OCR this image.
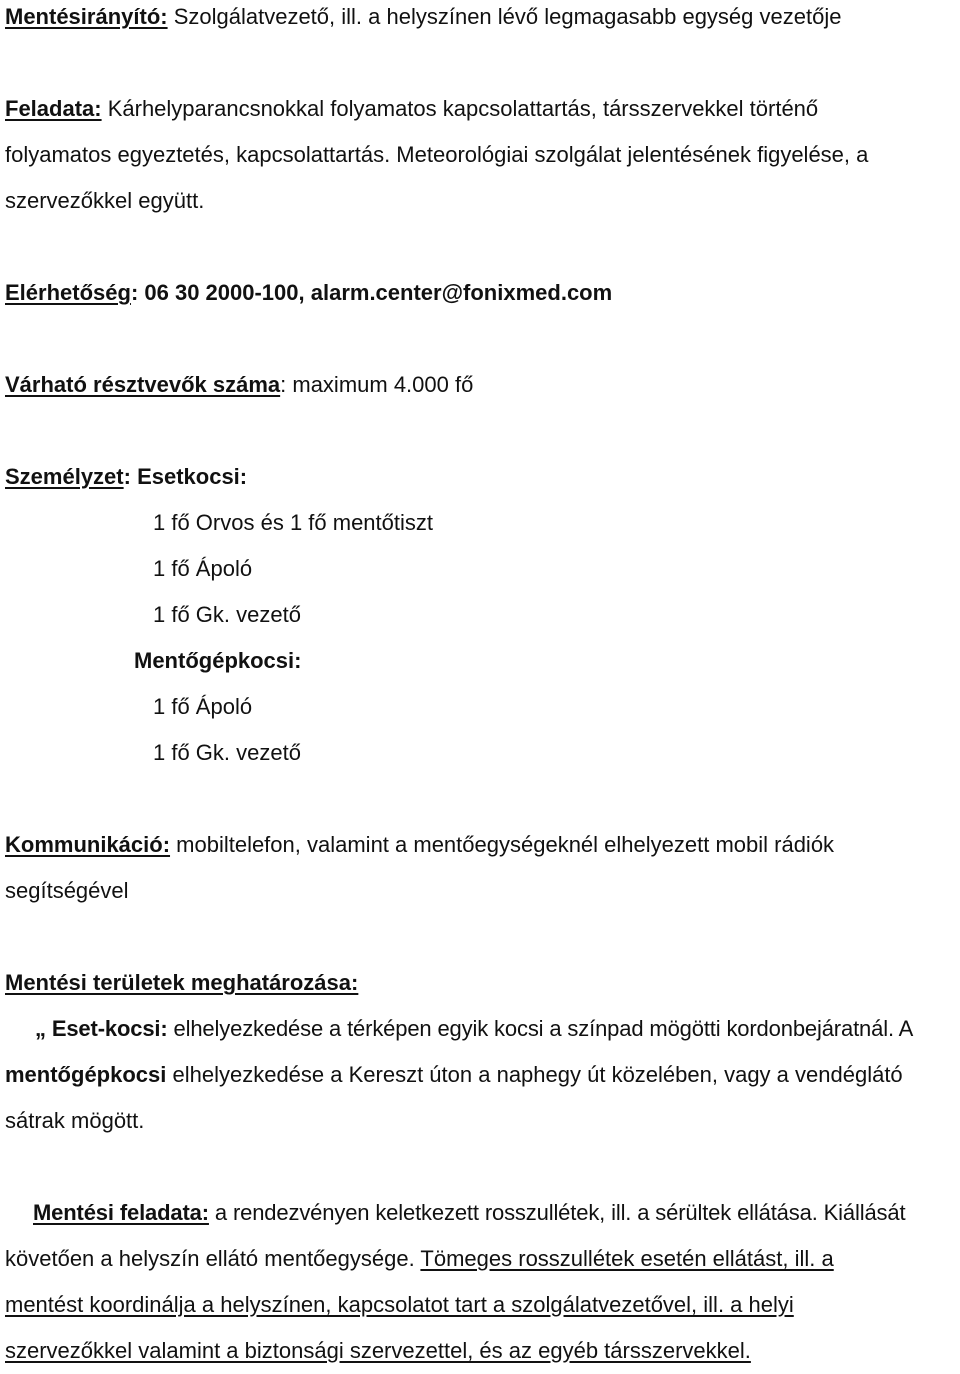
Mentésirányító: Szolgálatvezető, ill. a helyszínen lévő legmagasabb egység vezetője
Feladata: Kárhelyparancsnokkal folyamatos kapcsolattartás, társszervekkel történő
folyamatos egyeztetés, kapcsolattartás. Meteorológiai szolgálat jelentésének figyelése, a
szervezőkkel együtt.
Elérhetőség: 06 30 2000-100, alarm.center@fonixmed.com
Várható résztvevők száma: maximum 4.000 fő
Személyzet: Esetkocsi:
1 fő Orvos és 1 fő mentőtiszt
1 fő Ápoló
1 fő Gk. vezető
Mentőgépkocsi:
1 fő Ápoló
1 fő Gk. vezető
Kommunikáció: mobiltelefon, valamint a mentőegységeknél elhelyezett mobil rádiók
segítségével
Mentési területek meghatározása:
„ Eset-kocsi: elhelyezkedése a térképen egyik kocsi a színpad mögötti kordonbejáratnál. A
mentőgépkocsi elhelyezkedése a Kereszt úton a naphegy út közelében, vagy a vendéglátó
sátrak mögött.
Mentési feladata: a rendezvényen keletkezett rosszullétek, ill. a sérültek ellátása. Kiállását
követően a helyszín ellátó mentőegysége. Tömeges rosszullétek esetén ellátást, ill. a
mentést koordinálja a helyszínen, kapcsolatot tart a szolgálatvezetővel, ill. a helyi
szervezőkkel valamint a biztonsági szervezettel, és az egyéb társszervekkel.
